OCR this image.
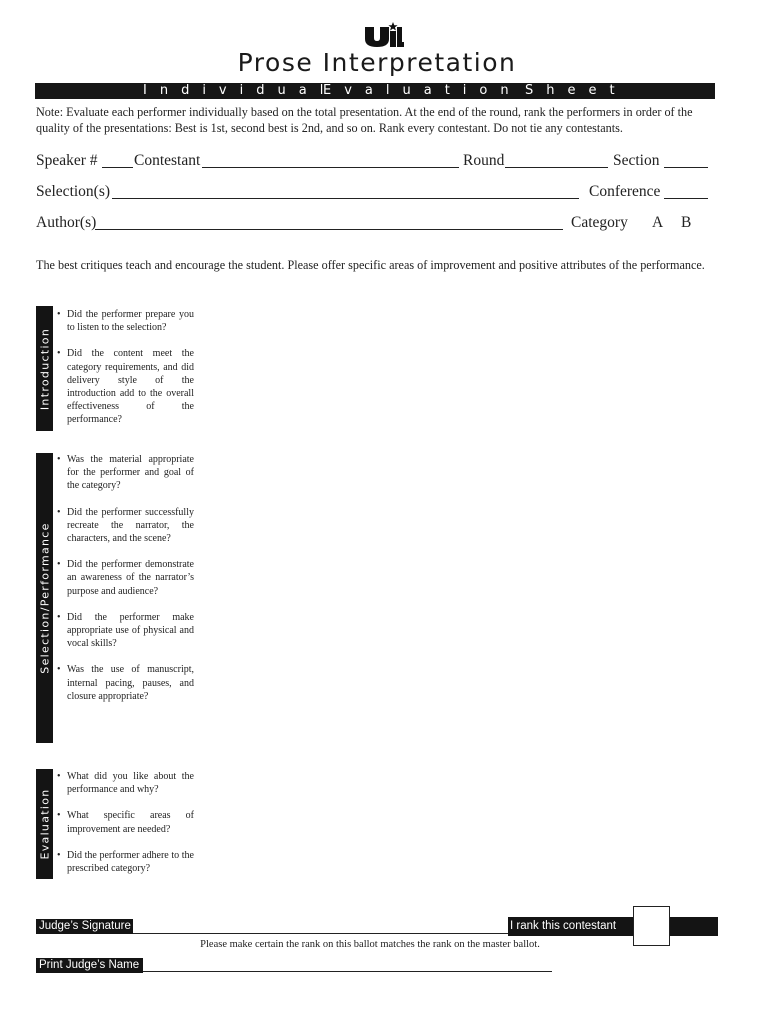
Prose Interpretation
Individual
Evaluation Sheet
Note: Evaluate each performer individually based on the total presentation. At the end of the round, rank the performers in order of the quality of the presentations: Best is 1st, second best is 2nd, and so on. Rank every contestant. Do not tie any contestants.
Speaker # Contestant	Round	Section
Selection(s)	Conference
Author(s)	Category A B
The best critiques teach and encourage the student. Please offer specific areas of improvement and positive attributes of the performance.
Introduction
• Did the performer prepare you to listen to the selection?
• Did the content meet the category requirements, and did delivery style of the introduction add to the overall effectiveness of the performance?
Selection/Performance
• Was the material appropriate for the performer and goal of the category?
• Did the performer successfully recreate the narrator, the characters, and the scene?
• Did the performer demonstrate an awareness of the narrator’s purpose and audience?
• Did the performer make appropriate use of physical and vocal skills?
• Was the use of manuscript, internal pacing, pauses, and closure appropriate?
Evaluation
• What did you like about the performance and why?
• What specific areas of improvement are needed?
• Did the performer adhere to the prescribed category?
Judge’s Signature	I rank this contestant
Please make certain the rank on this ballot matches the rank on the master ballot.
Print Judge’s Name
